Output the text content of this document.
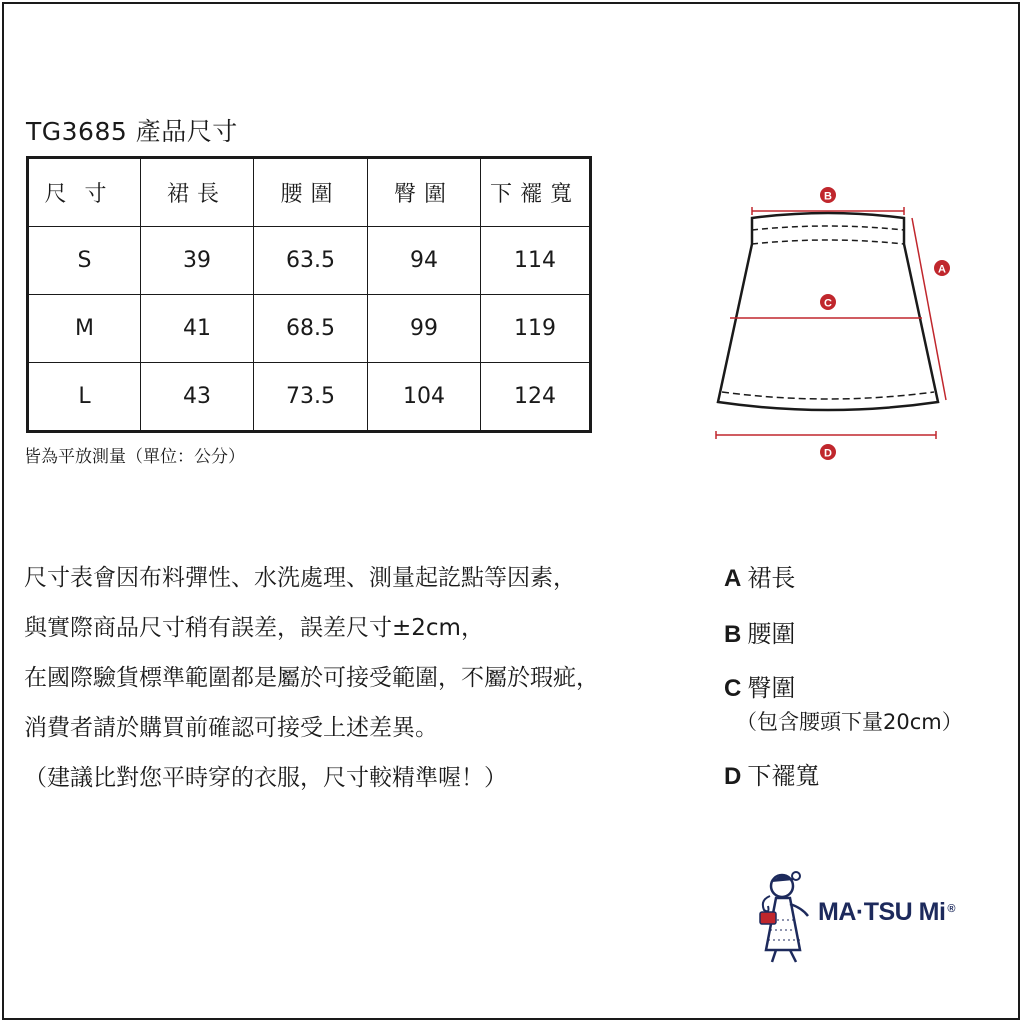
TG3685 產品尺寸
尺寸	裙長	腰圍	臀圍	下襬寬
S	39	63.5	94	114
M	41	68.5	99	119
L	43	73.5	104	124
皆為平放測量（單位：公分）
B
A
C
D
尺寸表會因布料彈性、水洗處理、測量起訖點等因素，
與實際商品尺寸稍有誤差，誤差尺寸±2cm，
在國際驗貨標準範圍都是屬於可接受範圍，不屬於瑕疵，
消費者請於購買前確認可接受上述差異。
（建議比對您平時穿的衣服，尺寸較精準喔！）
A 裙長
B 腰圍
C 臀圍
（包含腰頭下量20cm）
D 下襬寬
MA·TSU Mi ®
